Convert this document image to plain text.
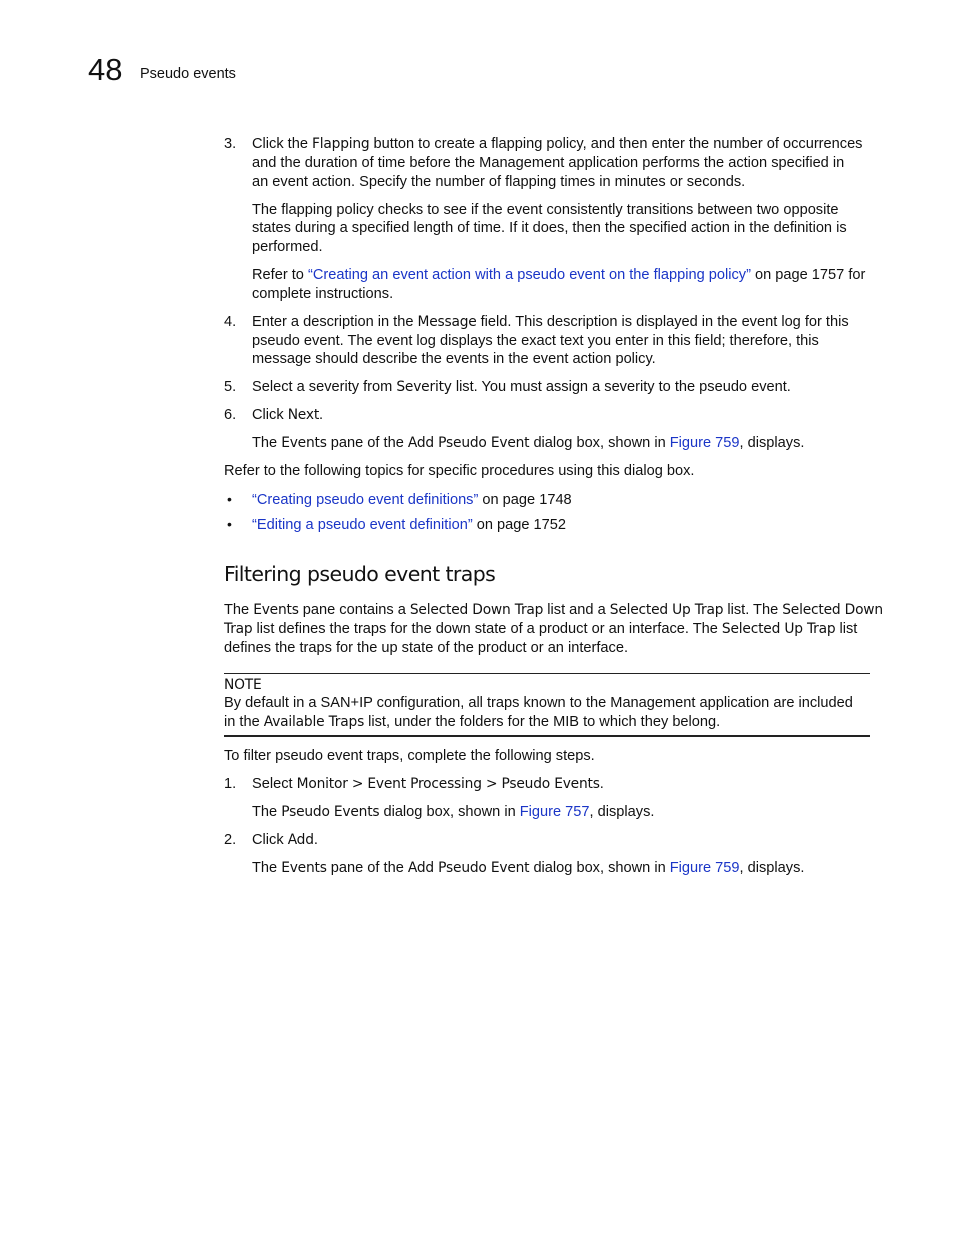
48 Pseudo events
3. Click the Flapping button to create a flapping policy, and then enter the number of occurrences
and the duration of time before the Management application performs the action specified in
an event action. Specify the number of flapping times in minutes or seconds.
The flapping policy checks to see if the event consistently transitions between two opposite
states during a specified length of time. If it does, then the specified action in the definition is
performed.
Refer to “Creating an event action with a pseudo event on the flapping policy” on page 1757 for
complete instructions.
4. Enter a description in the Message field. This description is displayed in the event log for this
pseudo event. The event log displays the exact text you enter in this field; therefore, this
message should describe the events in the event action policy.
5. Select a severity from Severity list. You must assign a severity to the pseudo event.
6. Click Next.
The Events pane of the Add Pseudo Event dialog box, shown in Figure 759, displays.
Refer to the following topics for specific procedures using this dialog box.
• “Creating pseudo event definitions” on page 1748
• “Editing a pseudo event definition” on page 1752
Filtering pseudo event traps
The Events pane contains a Selected Down Trap list and a Selected Up Trap list. The Selected Down
Trap list defines the traps for the down state of a product or an interface. The Selected Up Trap list
defines the traps for the up state of the product or an interface.
NOTE
By default in a SAN+IP configuration, all traps known to the Management application are included
in the Available Traps list, under the folders for the MIB to which they belong.
To filter pseudo event traps, complete the following steps.
1. Select Monitor > Event Processing > Pseudo Events.
The Pseudo Events dialog box, shown in Figure 757, displays.
2. Click Add.
The Events pane of the Add Pseudo Event dialog box, shown in Figure 759, displays.
